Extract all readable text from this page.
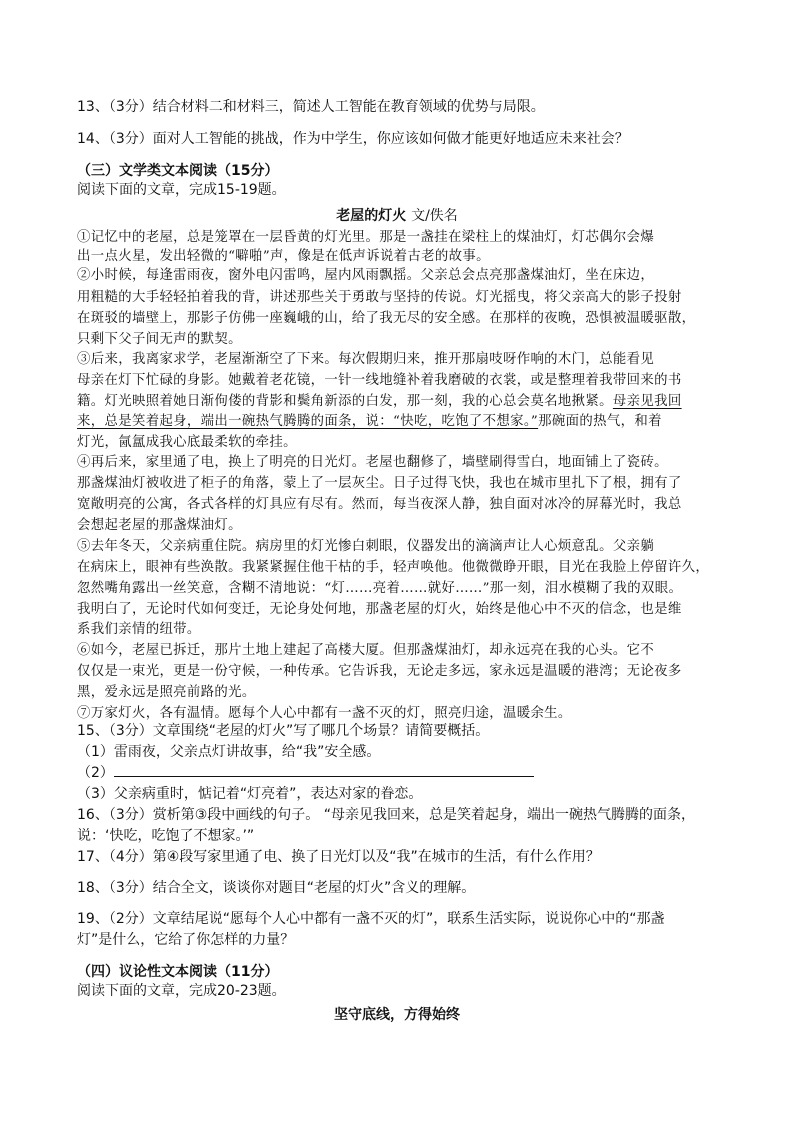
13、（3分）结合材料二和材料三，简述人工智能在教育领域的优势与局限。
14、（3分）面对人工智能的挑战，作为中学生，你应该如何做才能更好地适应未来社会？
（三）文学类文本阅读（15分）
阅读下面的文章，完成15-19题。
老屋的灯火 文/佚名
①记忆中的老屋，总是笼罩在一层昏黄的灯光里。那是一盏挂在梁柱上的煤油灯，灯芯偶尔会爆
出一点火星，发出轻微的“噼啪”声，像是在低声诉说着古老的故事。
②小时候，每逢雷雨夜，窗外电闪雷鸣，屋内风雨飘摇。父亲总会点亮那盏煤油灯，坐在床边，
用粗糙的大手轻轻拍着我的背，讲述那些关于勇敢与坚持的传说。灯光摇曳，将父亲高大的影子投射
在斑驳的墙壁上，那影子仿佛一座巍峨的山，给了我无尽的安全感。在那样的夜晚，恐惧被温暖驱散，
只剩下父子间无声的默契。
③后来，我离家求学，老屋渐渐空了下来。每次假期归来，推开那扇吱呀作响的木门，总能看见
母亲在灯下忙碌的身影。她戴着老花镜，一针一线地缝补着我磨破的衣裳，或是整理着我带回来的书
籍。灯光映照着她日渐佝偻的背影和鬓角新添的白发，那一刻，我的心总会莫名地揪紧。母亲见我回
来，总是笑着起身，端出一碗热气腾腾的面条，说：“快吃，吃饱了不想家。”那碗面的热气，和着
灯光，氤氲成我心底最柔软的牵挂。
④再后来，家里通了电，换上了明亮的日光灯。老屋也翻修了，墙壁刷得雪白，地面铺上了瓷砖。
那盏煤油灯被收进了柜子的角落，蒙上了一层灰尘。日子过得飞快，我也在城市里扎下了根，拥有了
宽敞明亮的公寓，各式各样的灯具应有尽有。然而，每当夜深人静，独自面对冰冷的屏幕光时，我总
会想起老屋的那盏煤油灯。
⑤去年冬天，父亲病重住院。病房里的灯光惨白刺眼，仪器发出的滴滴声让人心烦意乱。父亲躺
在病床上，眼神有些涣散。我紧紧握住他干枯的手，轻声唤他。他微微睁开眼，目光在我脸上停留许久，
忽然嘴角露出一丝笑意，含糊不清地说：“灯……亮着……就好……”那一刻，泪水模糊了我的双眼。
我明白了，无论时代如何变迁，无论身处何地，那盏老屋的灯火，始终是他心中不灭的信念，也是维
系我们亲情的纽带。
⑥如今，老屋已拆迁，那片土地上建起了高楼大厦。但那盏煤油灯，却永远亮在我的心头。它不
仅仅是一束光，更是一份守候，一种传承。它告诉我，无论走多远，家永远是温暖的港湾；无论夜多
黑，爱永远是照亮前路的光。
⑦万家灯火，各有温情。愿每个人心中都有一盏不灭的灯，照亮归途，温暖余生。
15、（3分）文章围绕“老屋的灯火”写了哪几个场景？请简要概括。
（1）雷雨夜，父亲点灯讲故事，给“我”安全感。
（2）
（3）父亲病重时，惦记着“灯亮着”，表达对家的眷恋。
16、（3分）赏析第③段中画线的句子。 “母亲见我回来，总是笑着起身，端出一碗热气腾腾的面条，
说：‘快吃，吃饱了不想家。’”
17、（4分）第④段写家里通了电、换了日光灯以及“我”在城市的生活，有什么作用？
18、（3分）结合全文，谈谈你对题目“老屋的灯火”含义的理解。
19、（2分）文章结尾说“愿每个人心中都有一盏不灭的灯”，联系生活实际，说说你心中的“那盏
灯”是什么，它给了你怎样的力量？
（四）议论性文本阅读（11分）
阅读下面的文章，完成20-23题。
坚守底线，方得始终
